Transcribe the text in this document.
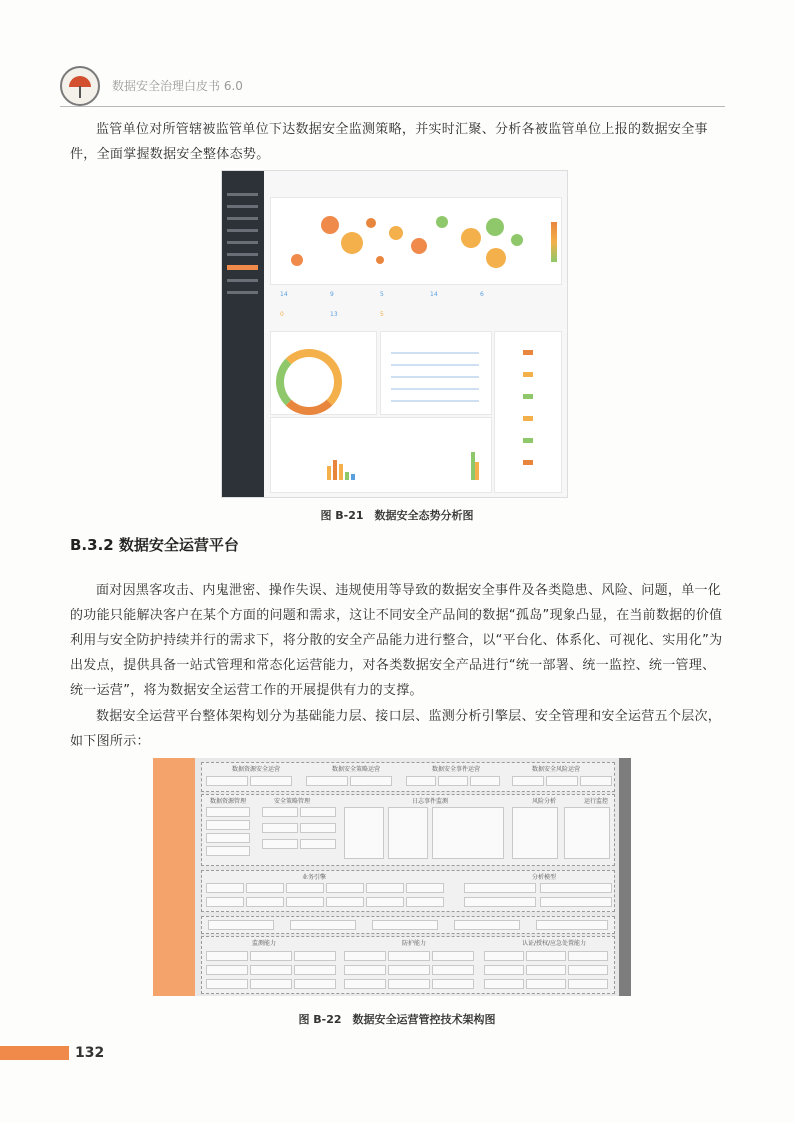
数据安全治理白皮书 6.0
监管单位对所管辖被监管单位下达数据安全监测策略，并实时汇聚、分析各被监管单位上报的数据安全事件，全面掌握数据安全整体态势。
14	9	5	14	6
0	13	5
图 B-21　数据安全态势分析图
B.3.2 数据安全运营平台
面对因黑客攻击、内鬼泄密、操作失误、违规使用等导致的数据安全事件及各类隐患、风险、问题，单一化的功能只能解决客户在某个方面的问题和需求，这让不同安全产品间的数据“孤岛”现象凸显，在当前数据的价值利用与安全防护持续并行的需求下，将分散的安全产品能力进行整合，以“平台化、体系化、可视化、实用化”为出发点，提供具备一站式管理和常态化运营能力，对各类数据安全产品进行“统一部署、统一监控、统一管理、统一运营”，将为数据安全运营工作的开展提供有力的支撑。
数据安全运营平台整体架构划分为基础能力层、接口层、监测分析引擎层、安全管理和安全运营五个层次，如下图所示：
数据资源安全运营	数据安全策略运营	数据安全事件运营	数据安全风险运营
数据资源管理	安全策略管理	日志事件监测	风险分析	运行监控
业务引擎	分析模型
监测能力	防护能力	认证/授权/应急处置能力
图 B-22　数据安全运营管控技术架构图
132
